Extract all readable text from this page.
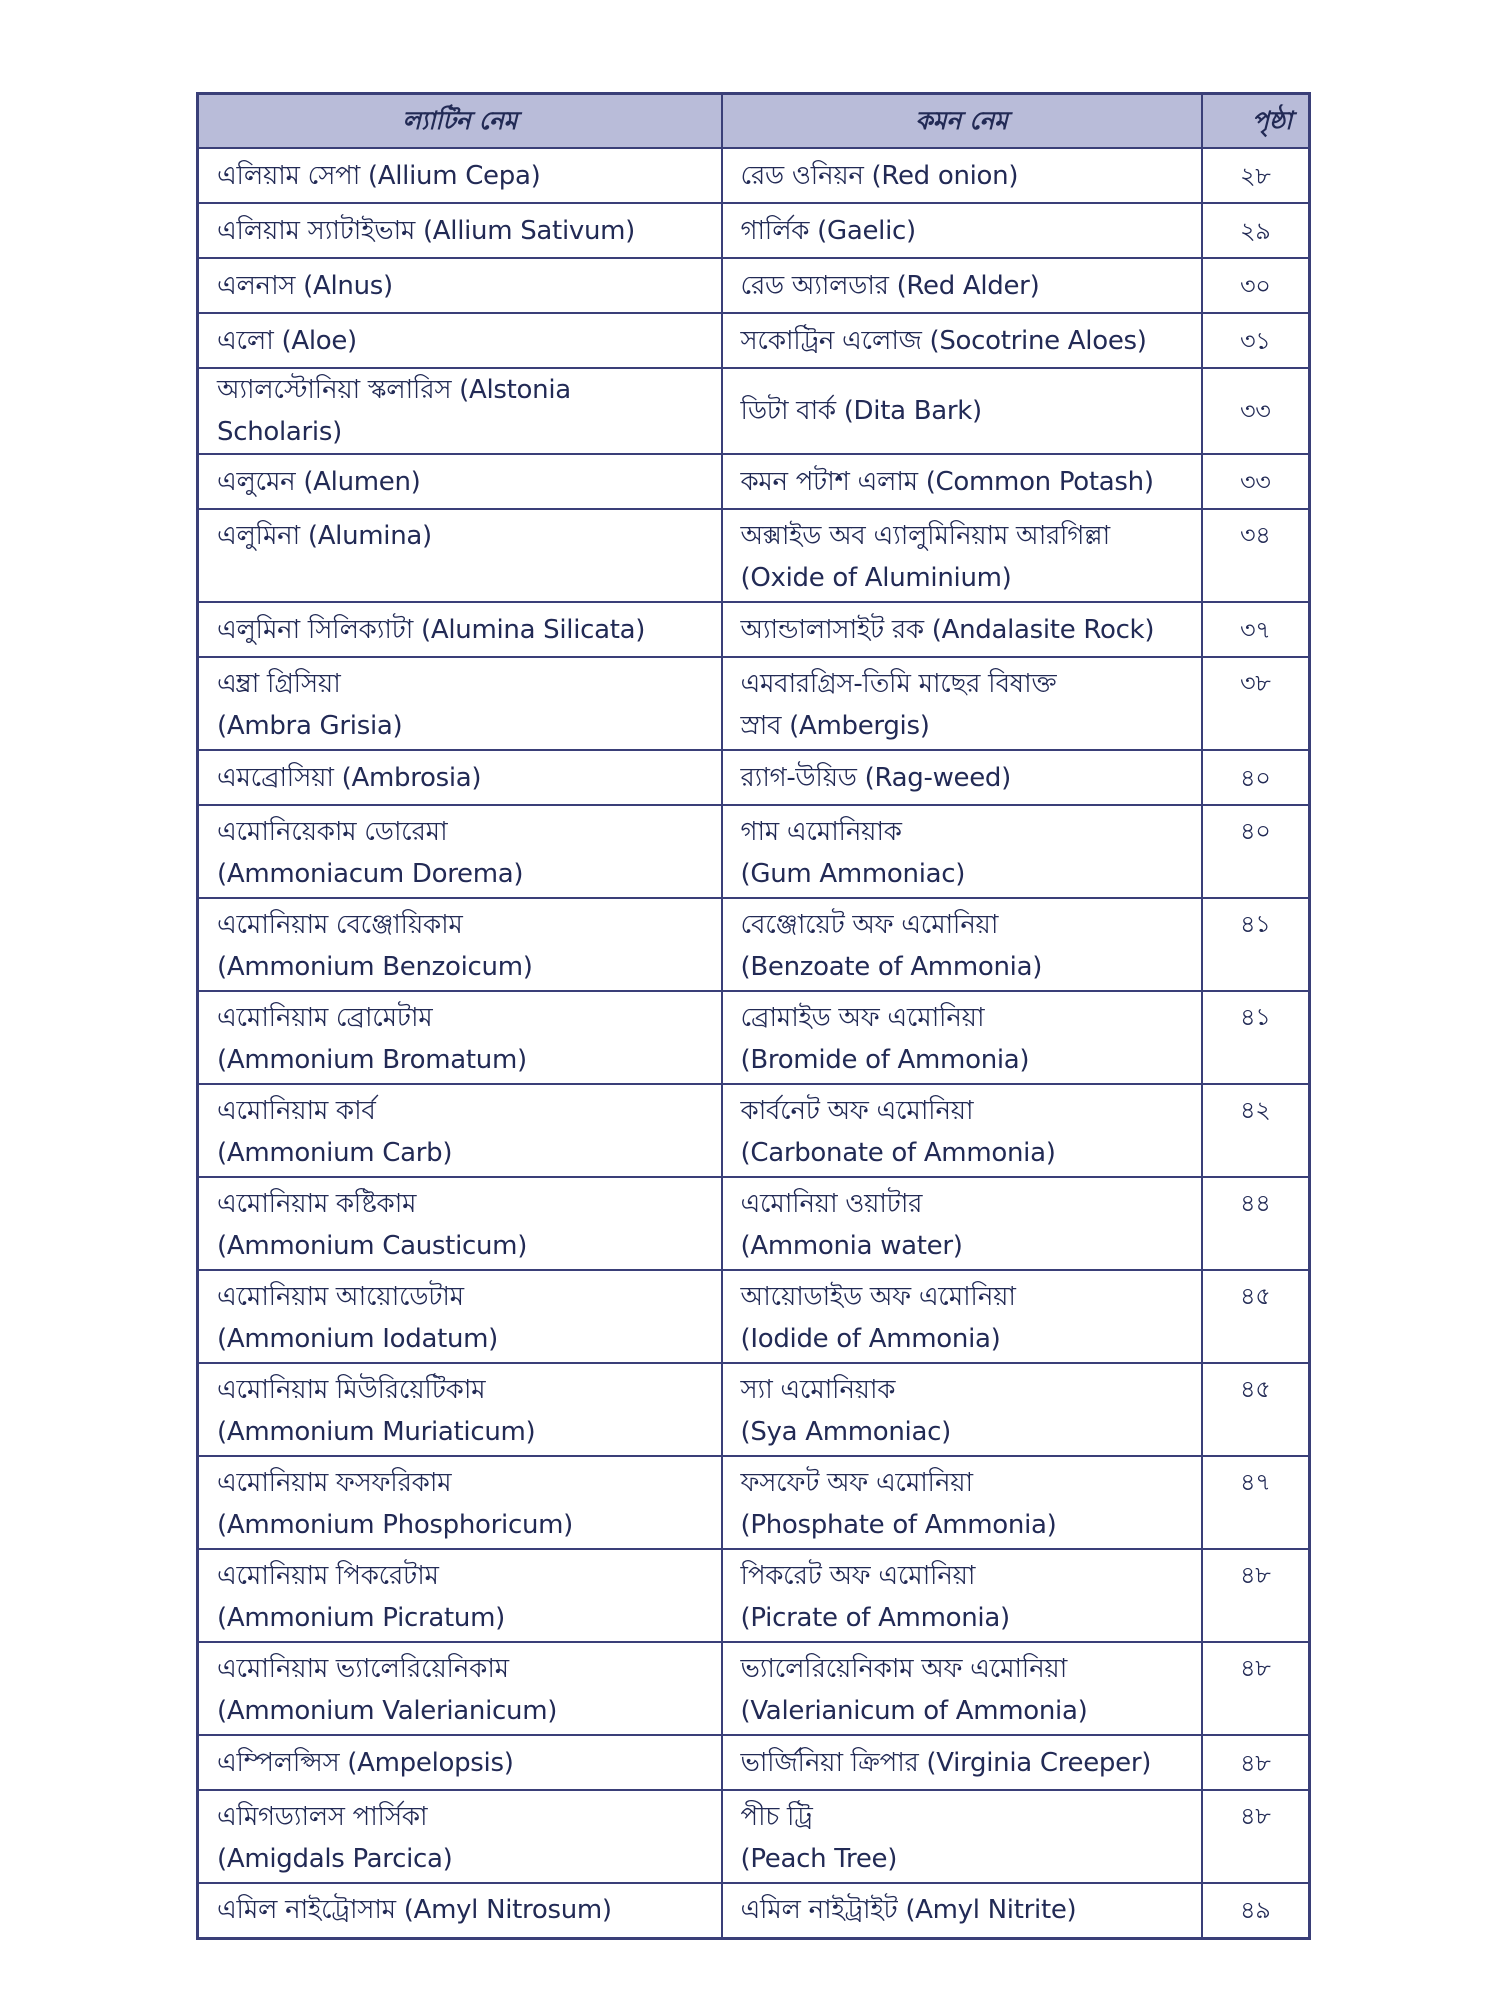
ল্যাটিন নেম	কমন নেম	পৃষ্ঠা

এলিয়াম সেপা (Allium Cepa)	রেড ওনিয়ন (Red onion)	২৮

এলিয়াম স্যাটাইভাম (Allium Sativum)	গার্লিক (Gaelic)	২৯

এলনাস (Alnus)	রেড অ্যালডার (Red Alder)	৩০

এলো (Aloe)	সকোট্রিন এলোজ (Socotrine Aloes)	৩১

অ্যালস্টোনিয়া স্কলারিস (Alstonia Scholaris)	ডিটা বার্ক (Dita Bark)	৩৩

এলুমেন (Alumen)	কমন পটাশ এলাম (Common Potash)	৩৩

এলুমিনা (Alumina)	অক্সাইড অব এ্যালুমিনিয়াম আরগিল্লা
(Oxide of Aluminium)	৩৪

এলুমিনা সিলিক্যাটা (Alumina Silicata)	অ্যান্ডালাসাইট রক (Andalasite Rock)	৩৭

এম্ব্রা গ্রিসিয়া
(Ambra Grisia)	এমবারগ্রিস-তিমি মাছের বিষাক্ত
স্রাব (Ambergis)	৩৮

এমব্রোসিয়া (Ambrosia)	র‍্যাগ-উয়িড (Rag-weed)	৪০

এমোনিয়েকাম ডোরেমা
(Ammoniacum Dorema)	গাম এমোনিয়াক
(Gum Ammoniac)	৪০

এমোনিয়াম বেঞ্জোয়িকাম
(Ammonium Benzoicum)	বেঞ্জোয়েট অফ এমোনিয়া
(Benzoate of Ammonia)	৪১

এমোনিয়াম ব্রোমেটাম
(Ammonium Bromatum)	ব্রোমাইড অফ এমোনিয়া
(Bromide of Ammonia)	৪১

এমোনিয়াম কার্ব
(Ammonium Carb)	কার্বনেট অফ এমোনিয়া
(Carbonate of Ammonia)	৪২

এমোনিয়াম কষ্টিকাম
(Ammonium Causticum)	এমোনিয়া ওয়াটার
(Ammonia water)	৪৪

এমোনিয়াম আয়োডেটাম
(Ammonium Iodatum)	আয়োডাইড অফ এমোনিয়া
(Iodide of Ammonia)	৪৫

এমোনিয়াম মিউরিয়েটিকাম
(Ammonium Muriaticum)	স্যা এমোনিয়াক
(Sya Ammoniac)	৪৫

এমোনিয়াম ফসফরিকাম
(Ammonium Phosphoricum)	ফসফেট অফ এমোনিয়া
(Phosphate of Ammonia)	৪৭

এমোনিয়াম পিকরেটাম
(Ammonium Picratum)	পিকরেট অফ এমোনিয়া
(Picrate of Ammonia)	৪৮

এমোনিয়াম ভ্যালেরিয়েনিকাম
(Ammonium Valerianicum)	ভ্যালেরিয়েনিকাম অফ এমোনিয়া
(Valerianicum of Ammonia)	৪৮

এম্পিলপ্সিস (Ampelopsis)	ভার্জিনিয়া ক্রিপার (Virginia Creeper)	৪৮

এমিগড্যালস পার্সিকা
(Amigdals Parcica)	পীচ ট্রি
(Peach Tree)	৪৮

এমিল নাইট্রোসাম (Amyl Nitrosum)	এমিল নাইট্রাইট (Amyl Nitrite)	৪৯
